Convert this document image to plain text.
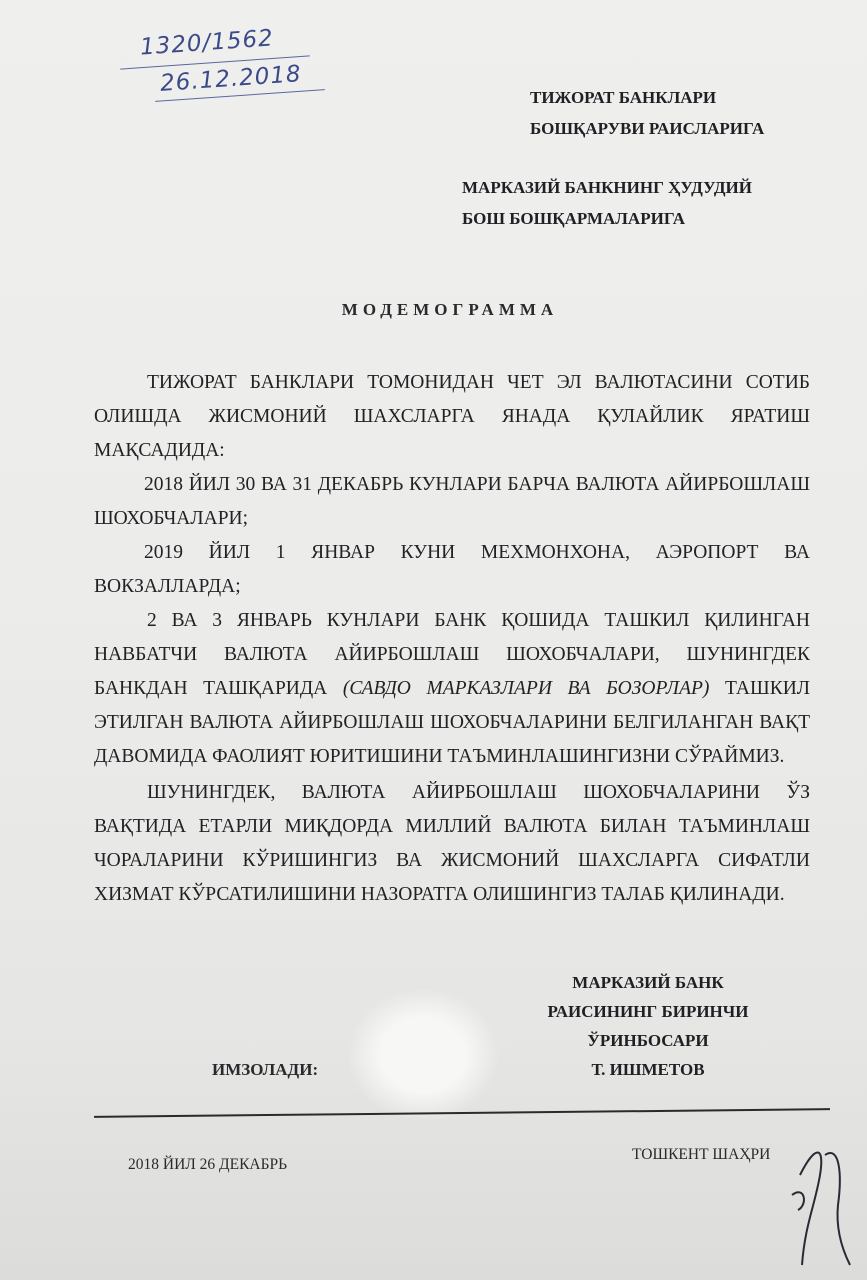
1320/1562
26.12.2018
ТИЖОРАТ БАНКЛАРИ
БОШҚАРУВИ РАИСЛАРИГА
МАРКАЗИЙ БАНКНИНГ ҲУДУДИЙ
БОШ БОШҚАРМАЛАРИГА
МОДЕМОГРАММА

ТИЖОРАТ БАНКЛАРИ ТОМОНИДАН ЧЕТ ЭЛ ВАЛЮТАСИНИ СОТИБ ОЛИШДА ЖИСМОНИЙ ШАХСЛАРГА ЯНАДА ҚУЛАЙЛИК ЯРАТИШ МАҚСАДИДА:

2018 ЙИЛ 30 ВА 31 ДЕКАБРЬ КУНЛАРИ БАРЧА ВАЛЮТА АЙИРБОШЛАШ ШОХОБЧАЛАРИ;

2019 ЙИЛ 1 ЯНВАР КУНИ МЕХМОНХОНА, АЭРОПОРТ ВА ВОКЗАЛЛАРДА;

2 ВА 3 ЯНВАРЬ КУНЛАРИ БАНК ҚОШИДА ТАШКИЛ ҚИЛИНГАН НАВБАТЧИ ВАЛЮТА АЙИРБОШЛАШ ШОХОБЧАЛАРИ, ШУНИНГДЕК БАНКДАН ТАШҚАРИДА (САВДО МАРКАЗЛАРИ ВА БОЗОРЛАР) ТАШКИЛ ЭТИЛГАН ВАЛЮТА АЙИРБОШЛАШ ШОХОБЧАЛАРИНИ БЕЛГИЛАНГАН ВАҚТ ДАВОМИДА ФАОЛИЯТ ЮРИТИШИНИ ТАЪМИНЛАШИНГИЗНИ СЎРАЙМИЗ.

ШУНИНГДЕК, ВАЛЮТА АЙИРБОШЛАШ ШОХОБЧАЛАРИНИ ЎЗ ВАҚТИДА ЕТАРЛИ МИҚДОРДА МИЛЛИЙ ВАЛЮТА БИЛАН ТАЪМИНЛАШ ЧОРАЛАРИНИ КЎРИШИНГИЗ ВА ЖИСМОНИЙ ШАХСЛАРГА СИФАТЛИ ХИЗМАТ КЎРСАТИЛИШИНИ НАЗОРАТГА ОЛИШИНГИЗ ТАЛАБ ҚИЛИНАДИ.

МАРКАЗИЙ БАНК
РАИСИНИНГ БИРИНЧИ
ЎРИНБОСАРИ
Т. ИШМЕТОВ
ИМЗОЛАДИ:
2018 ЙИЛ 26 ДЕКАБРЬ
ТОШКЕНТ ШАҲРИ
